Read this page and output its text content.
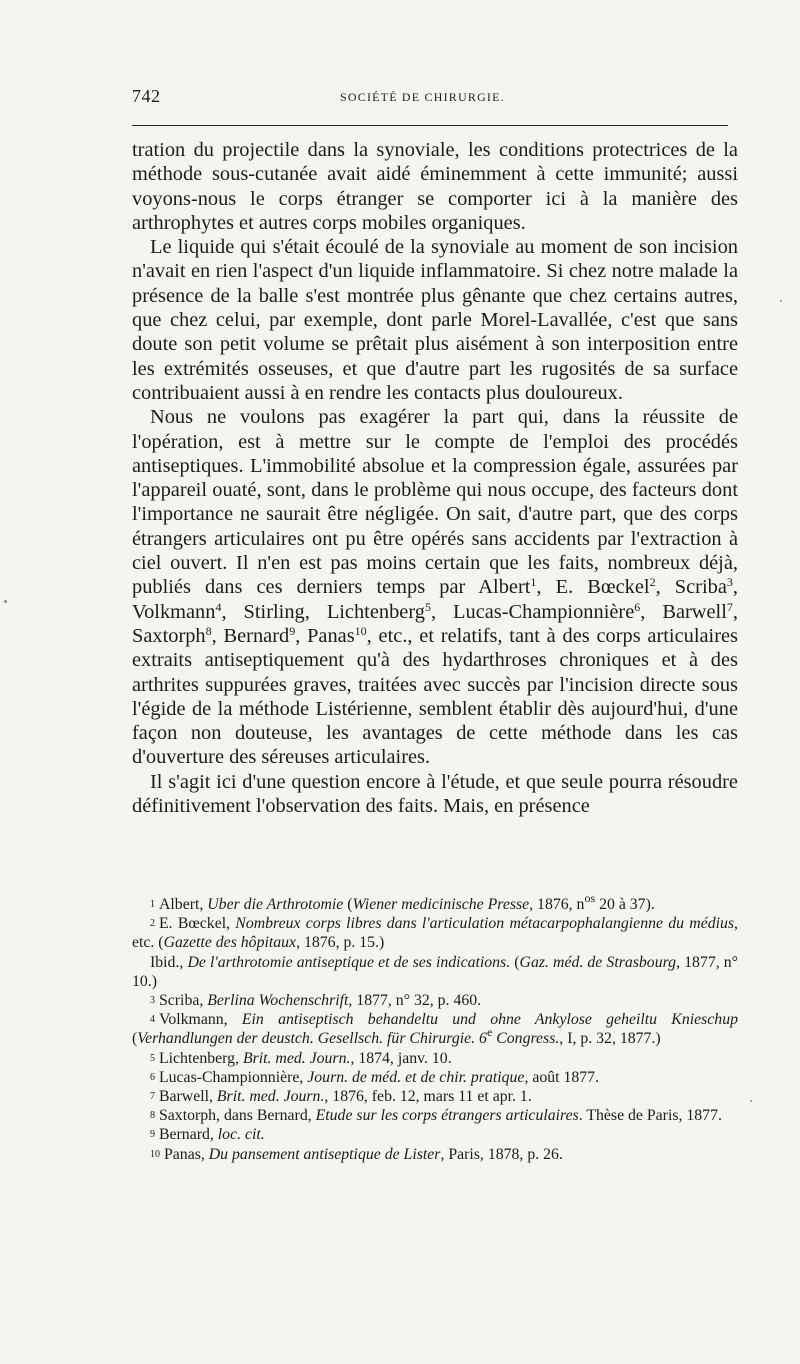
742	SOCIÉTÉ DE CHIRURGIE.

tration du projectile dans la synoviale, les conditions protectrices de la méthode sous-cutanée avait aidé éminemment à cette immunité; aussi voyons-nous le corps étranger se comporter ici à la manière des arthrophytes et autres corps mobiles organiques.

Le liquide qui s'était écoulé de la synoviale au moment de son incision n'avait en rien l'aspect d'un liquide inflammatoire. Si chez notre malade la présence de la balle s'est montrée plus gênante que chez certains autres, que chez celui, par exemple, dont parle Morel-Lavallée, c'est que sans doute son petit volume se prêtait plus aisément à son interposition entre les extrémités osseuses, et que d'autre part les rugosités de sa surface contribuaient aussi à en rendre les contacts plus douloureux.

Nous ne voulons pas exagérer la part qui, dans la réussite de l'opération, est à mettre sur le compte de l'emploi des procédés antiseptiques. L'immobilité absolue et la compression égale, assurées par l'appareil ouaté, sont, dans le problème qui nous occupe, des facteurs dont l'importance ne saurait être négligée. On sait, d'autre part, que des corps étrangers articulaires ont pu être opérés sans accidents par l'extraction à ciel ouvert. Il n'en est pas moins certain que les faits, nombreux déjà, publiés dans ces derniers temps par Albert$^1$, E. Bœckel$^2$, Scriba$^3$, Volkmann$^4$, Stirling, Lichtenberg$^5$, Lucas-Championnière$^6$, Barwell$^7$, Saxtorph$^8$, Bernard$^9$, Panas$^{10}$, etc., et relatifs, tant à des corps articulaires extraits antiseptiquement qu'à des hydarthroses chroniques et à des arthrites suppurées graves, traitées avec succès par l'incision directe sous l'égide de la méthode Listérienne, semblent établir dès aujourd'hui, d'une façon non douteuse, les avantages de cette méthode dans les cas d'ouverture des séreuses articulaires.

Il s'agit ici d'une question encore à l'étude, et que seule pourra résoudre définitivement l'observation des faits. Mais, en présence

1 Albert, Uber die Arthrotomie (Wiener medicinische Presse, 1876, $n^{os}$ 20 à 37).

2 E. Bœckel, Nombreux corps libres dans l'articulation métacarpophalangienne du médius, etc. (Gazette des hôpitaux, 1876, p. 15.)

Ibid., De l'arthrotomie antiseptique et de ses indications. (Gaz. méd. de Strasbourg, 1877, n° 10.)

3 Scriba, Berlina Wochenschrift, 1877, n° 32, p. 460.

4 Volkmann, Ein antiseptisch behandeltu und ohne Ankylose geheiltu Knieschup (Verhandlungen der deustch. Gesellsch. für Chirurgie. 6e Congress., I, p. 32, 1877.)

5 Lichtenberg, Brit. med. Journ., 1874, janv. 10.

6 Lucas-Championnière, Journ. de méd. et de chir. pratique, août 1877.

7 Barwell, Brit. med. Journ., 1876, feb. 12, mars 11 et apr. 1.

8 Saxtorph, dans Bernard, Etude sur les corps étrangers articulaires. Thèse de Paris, 1877.

9 Bernard, loc. cit.

10 Panas, Du pansement antiseptique de Lister, Paris, 1878, p. 26.
